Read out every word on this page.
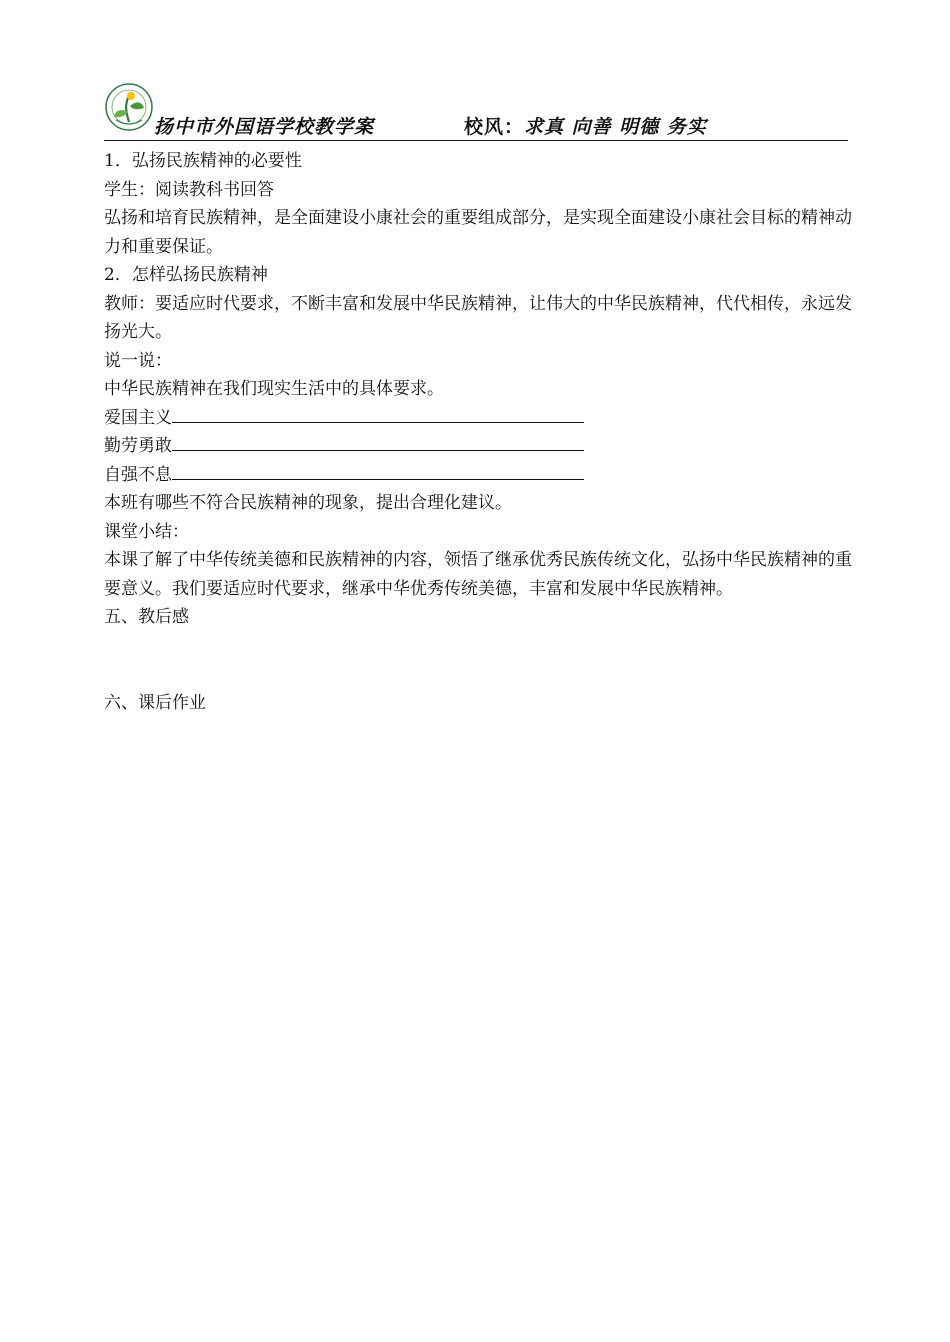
扬中市外国语学校教学案	校风：求真 向善 明德 务实

1．弘扬民族精神的必要性

学生：阅读教科书回答

弘扬和培育民族精神，是全面建设小康社会的重要组成部分，是实现全面建设小康社会目标的精神动力和重要保证。

2．怎样弘扬民族精神

教师：要适应时代要求，不断丰富和发展中华民族精神，让伟大的中华民族精神，代代相传，永远发扬光大。

说一说：

中华民族精神在我们现实生活中的具体要求。

爱国主义

勤劳勇敢

自强不息

本班有哪些不符合民族精神的现象，提出合理化建议。

课堂小结：

本课了解了中华传统美德和民族精神的内容，领悟了继承优秀民族传统文化，弘扬中华民族精神的重要意义。我们要适应时代要求，继承中华优秀传统美德，丰富和发展中华民族精神。

五、教后感

六、课后作业
